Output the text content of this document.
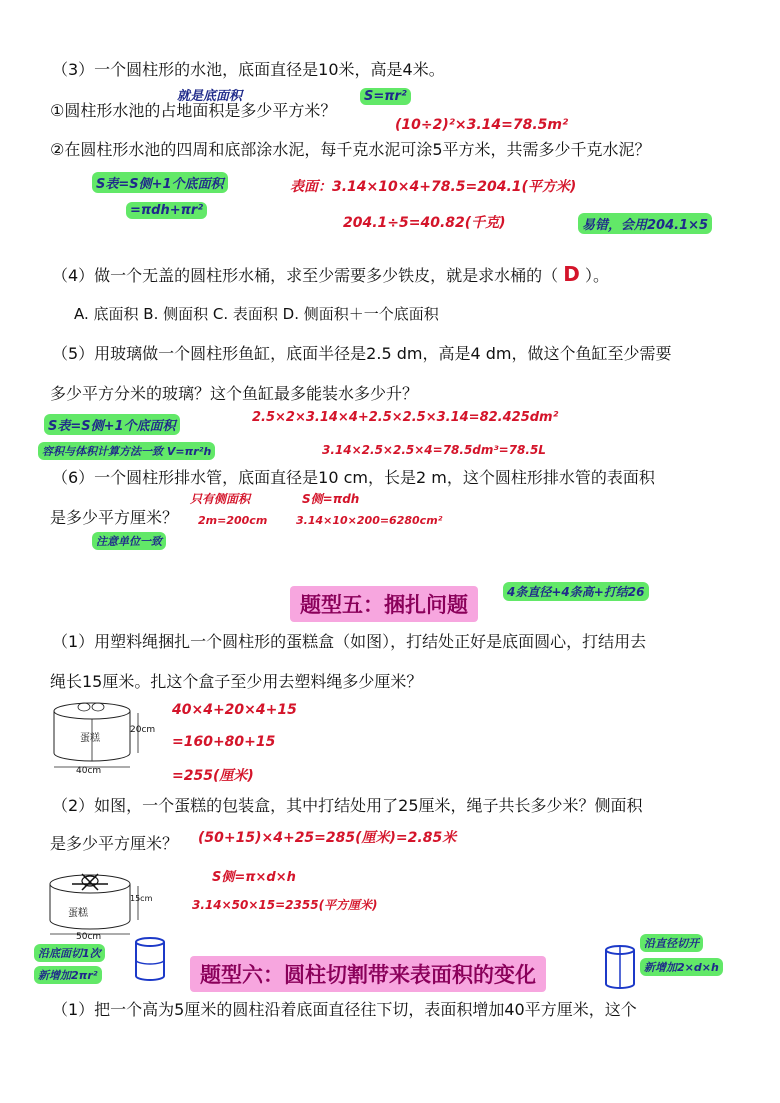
（3）一个圆柱形的水池，底面直径是10米，高是4米。
就是底面积	S=πr²
①圆柱形水池的占地面积是多少平方米？
(10÷2)²×3.14=78.5m²
②在圆柱形水池的四周和底部涂水泥，每千克水泥可涂5平方米，共需多少千克水泥？
S表=S侧+1个底面积	表面：3.14×10×4+78.5=204.1(平方米)
=πdh+πr²
204.1÷5=40.82(千克)	易错，会用204.1×5
（4）做一个无盖的圆柱形水桶，求至少需要多少铁皮，就是求水桶的（ D ）。
A. 底面积 B. 侧面积 C. 表面积 D. 侧面积＋一个底面积
（5）用玻璃做一个圆柱形鱼缸，底面半径是2.5 dm，高是4 dm，做这个鱼缸至少需要
多少平方分米的玻璃？这个鱼缸最多能装水多少升？
S表=S侧+1个底面积
2.5×2×3.14×4+2.5×2.5×3.14=82.425dm²
容积与体积计算方法一致 V=πr²h	3.14×2.5×2.5×4=78.5dm³=78.5L
（6）一个圆柱形排水管，底面直径是10 cm，长是2 m，这个圆柱形排水管的表面积
只有侧面积	S侧=πdh
是多少平方厘米？ 2m=200cm	3.14×10×200=6280cm²
注意单位一致
题型五：捆扎问题
4条直径+4条高+打结26
（1）用塑料绳捆扎一个圆柱形的蛋糕盒（如图），打结处正好是底面圆心，打结用去
绳长15厘米。扎这个盒子至少用去塑料绳多少厘米？
蛋糕
20cm
40cm
40×4+20×4+15
=160+80+15
=255(厘米)
（2）如图，一个蛋糕的包装盒，其中打结处用了25厘米，绳子共长多少米？侧面积
是多少平方厘米？ (50+15)×4+25=285(厘米)=2.85米
S侧=π×d×h
3.14×50×15=2355(平方厘米)
蛋糕
15cm
50cm
沿底面切1次
新增加2πr²	题型六：圆柱切割带来表面积的变化
沿直径切开
新增加2×d×h
（1）把一个高为5厘米的圆柱沿着底面直径往下切，表面积增加40平方厘米，这个
